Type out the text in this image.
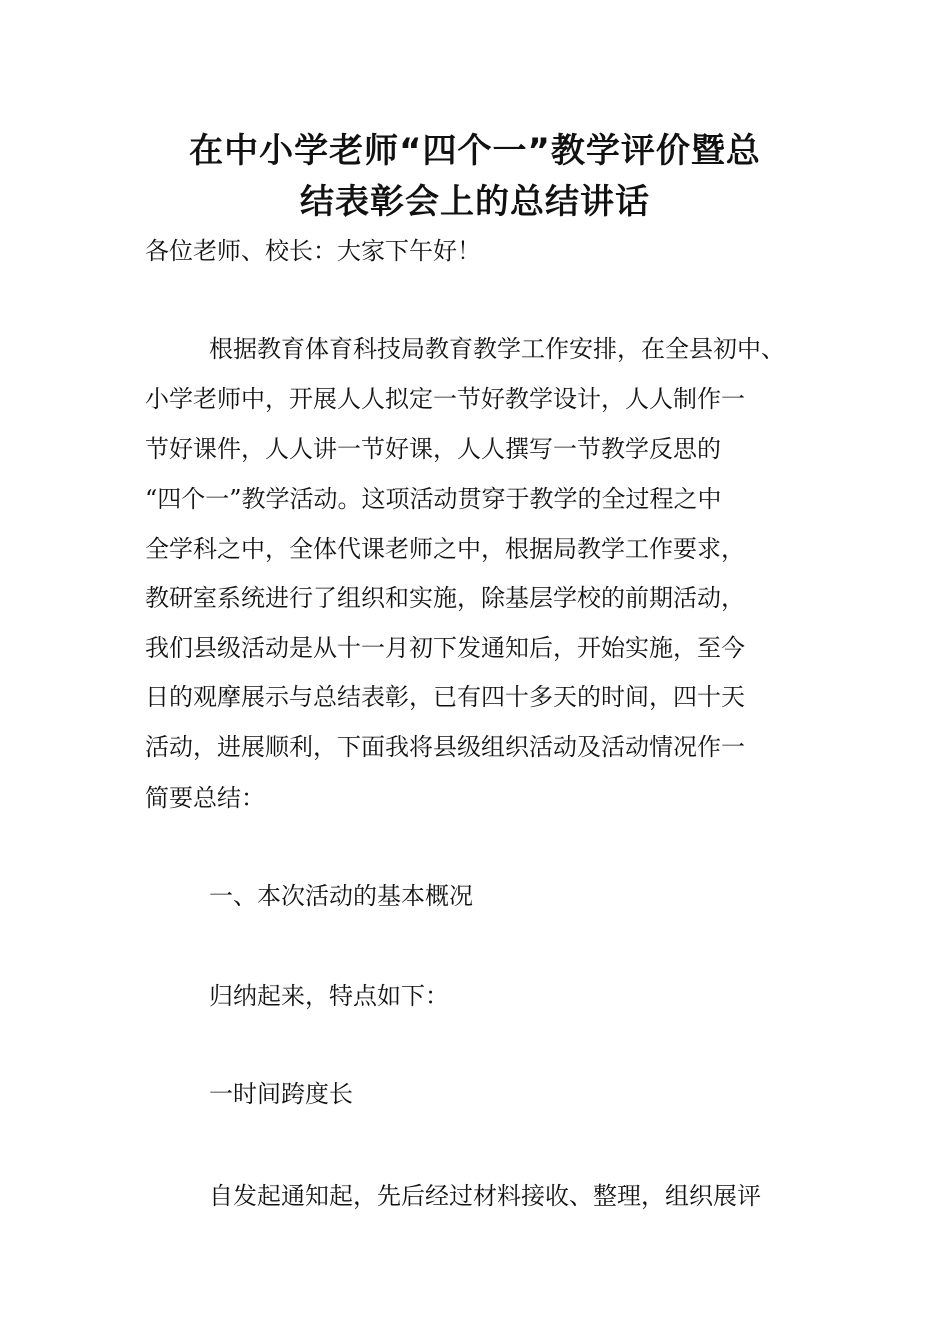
在中小学老师“四个一”教学评价暨总
结表彰会上的总结讲话

各位老师、校长：大家下午好！

根据教育体育科技局教育教学工作安排，在全县初中、

小学老师中，开展人人拟定一节好教学设计，人人制作一

节好课件，人人讲一节好课，人人撰写一节教学反思的

“四个一”教学活动。这项活动贯穿于教学的全过程之中

全学科之中，全体代课老师之中，根据局教学工作要求，

教研室系统进行了组织和实施，除基层学校的前期活动，

我们县级活动是从十一月初下发通知后，开始实施，至今

日的观摩展示与总结表彰，已有四十多天的时间，四十天

活动，进展顺利，下面我将县级组织活动及活动情况作一

简要总结：

一、本次活动的基本概况

归纳起来，特点如下：

一时间跨度长

自发起通知起，先后经过材料接收、整理，组织展评
